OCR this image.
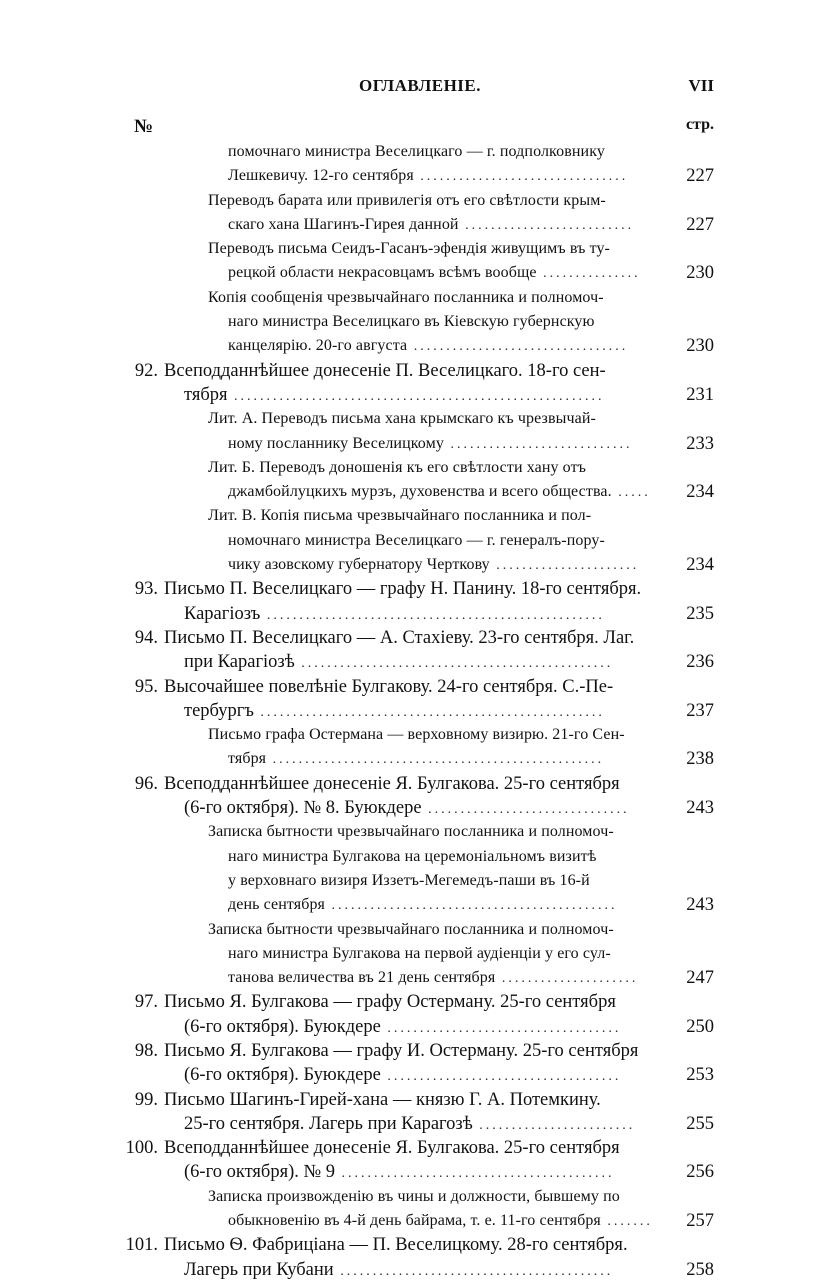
ОГЛАВЛЕНІЕ.	VII
№	стр.
помочнаго министра Веселицкаго — г. подполковнику
Лешкевичу. 12-го сентября ................................	227
Переводъ барата или привилегія отъ его свѣтлости крым-
скаго хана Шагинъ-Гирея данной ..........................	227
Переводъ письма Сеидъ-Гасанъ-эфендія живущимъ въ ту-
рецкой области некрасовцамъ всѣмъ вообще ...............	230
Копія сообщенія чрезвычайнаго посланника и полномоч-
наго министра Веселицкаго въ Кіевскую губернскую
канцелярію. 20-го августа .................................	230
92. Всеподданнѣйшее донесеніе П. Веселицкаго. 18-го сен-
тября .........................................................	231
Лит. А. Переводъ письма хана крымскаго къ чрезвычай-
ному посланнику Веселицкому ............................	233
Лит. Б. Переводъ доношенія къ его свѣтлости хану отъ
джамбойлуцкихъ мурзъ, духовенства и всего общества. .....	234
Лит. В. Копія письма чрезвычайнаго посланника и пол-
номочнаго министра Веселицкаго — г. генералъ-пору-
чику азовскому губернатору Черткову ......................	234
93. Письмо П. Веселицкаго — графу Н. Панину. 18-го сентября.
Карагіозъ ....................................................	235
94. Письмо П. Веселицкаго — А. Стахіеву. 23-го сентября. Лаг.
при Карагіозѣ ................................................	236
95. Высочайшее повелѣніе Булгакову. 24-го сентября. С.-Пе-
тербургъ .....................................................	237
Письмо графа Остермана — верховному визирю. 21-го Сен-
тября ...................................................	238
96. Всеподданнѣйшее донесеніе Я. Булгакова. 25-го сентября
(6-го октября). № 8. Буюкдере ...............................	243
Записка бытности чрезвычайнаго посланника и полномоч-
наго министра Булгакова на церемоніальномъ визитѣ
у верховнаго визиря Иззетъ-Мегемедъ-паши въ 16-й
день сентября ............................................	243
Записка бытности чрезвычайнаго посланника и полномоч-
наго министра Булгакова на первой аудіенціи у его сул-
танова величества въ 21 день сентября .....................	247
97. Письмо Я. Булгакова — графу Остерману. 25-го сентября
(6-го октября). Буюкдере ....................................	250
98. Письмо Я. Булгакова — графу И. Остерману. 25-го сентября
(6-го октября). Буюкдере ....................................	253
99. Письмо Шагинъ-Гирей-хана — князю Г. А. Потемкину.
25-го сентября. Лагерь при Карагозѣ ........................	255
100. Всеподданнѣйшее донесеніе Я. Булгакова. 25-го сентября
(6-го октября). № 9 ..........................................	256
Записка произвожденію въ чины и должности, бывшему по
обыкновенію въ 4-й день байрама, т. е. 11-го сентября .......	257
101. Письмо Ѳ. Фабриціана — П. Веселицкому. 28-го сентября.
Лагерь при Кубани ..........................................	258
